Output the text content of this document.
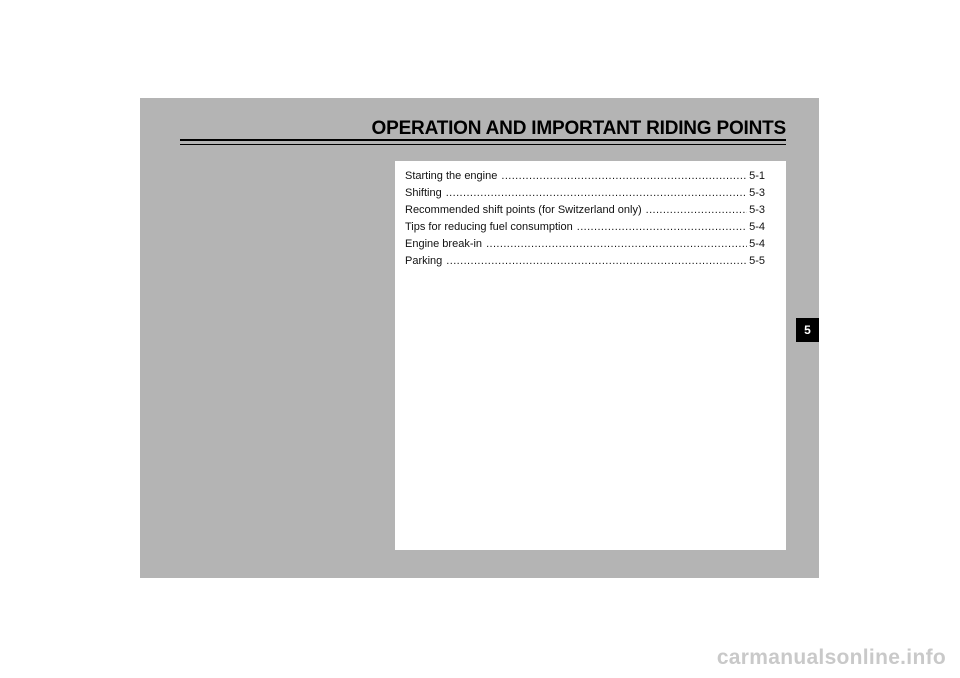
OPERATION AND IMPORTANT RIDING POINTS
Starting the engine .....	5-1
Shifting .....	5-3
Recommended shift points (for Switzerland only) .....	5-3
Tips for reducing fuel consumption .....	5-4
Engine break-in .....	5-4
Parking .....	5-5
5
carmanualsonline.info
